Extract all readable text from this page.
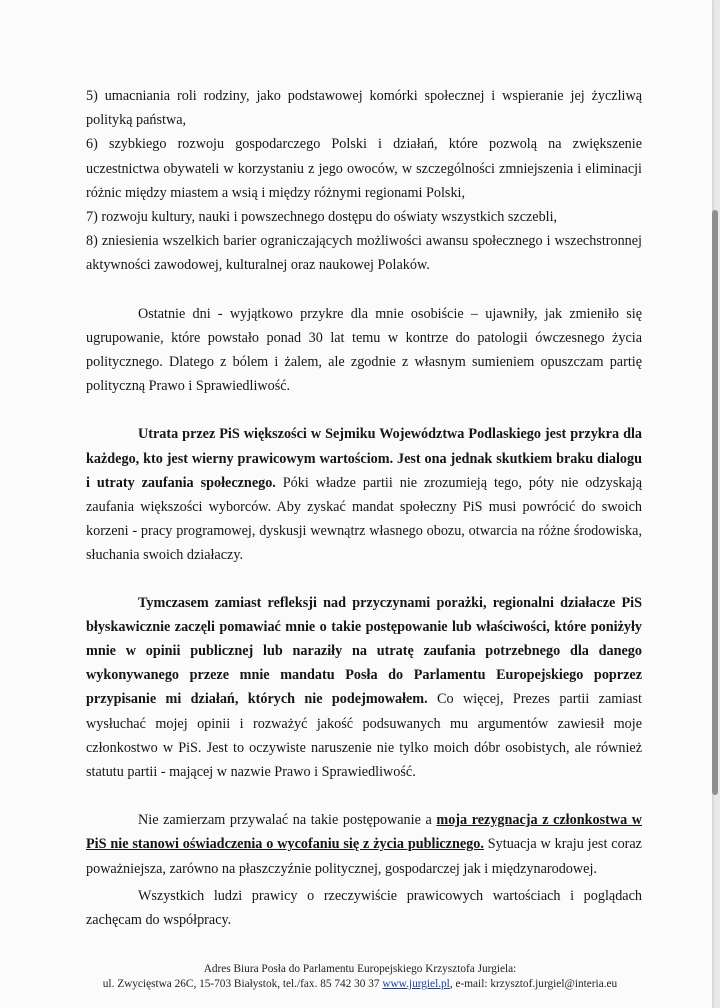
5) umacniania roli rodziny, jako podstawowej komórki społecznej i wspieranie jej życzliwą polityką państwa,
6) szybkiego rozwoju gospodarczego Polski i działań, które pozwolą na zwiększenie uczestnictwa obywateli w korzystaniu z jego owoców, w szczególności zmniejszenia i eliminacji różnic między miastem a wsią i między różnymi regionami Polski,
7) rozwoju kultury, nauki i powszechnego dostępu do oświaty wszystkich szczebli,
8) zniesienia wszelkich barier ograniczających możliwości awansu społecznego i wszechstronnej aktywności zawodowej, kulturalnej oraz naukowej Polaków.
Ostatnie dni - wyjątkowo przykre dla mnie osobiście – ujawniły, jak zmieniło się ugrupowanie, które powstało ponad 30 lat temu w kontrze do patologii ówczesnego życia politycznego. Dlatego z bólem i żalem, ale zgodnie z własnym sumieniem opuszczam partię polityczną Prawo i Sprawiedliwość.
Utrata przez PiS większości w Sejmiku Województwa Podlaskiego jest przykra dla każdego, kto jest wierny prawicowym wartościom. Jest ona jednak skutkiem braku dialogu i utraty zaufania społecznego. Póki władze partii nie zrozumieją tego, póty nie odzyskają zaufania większości wyborców. Aby zyskać mandat społeczny PiS musi powrócić do swoich korzeni - pracy programowej, dyskusji wewnątrz własnego obozu, otwarcia na różne środowiska, słuchania swoich działaczy.
Tymczasem zamiast refleksji nad przyczynami porażki, regionalni działacze PiS błyskawicznie zaczęli pomawiać mnie o takie postępowanie lub właściwości, które poniżyły mnie w opinii publicznej lub naraziły na utratę zaufania potrzebnego dla danego wykonywanego przeze mnie mandatu Posła do Parlamentu Europejskiego poprzez przypisanie mi działań, których nie podejmowałem. Co więcej, Prezes partii zamiast wysłuchać mojej opinii i rozważyć jakość podsuwanych mu argumentów zawiesił moje członkostwo w PiS. Jest to oczywiste naruszenie nie tylko moich dóbr osobistych, ale również statutu partii - mającej w nazwie Prawo i Sprawiedliwość.
Nie zamierzam przywalać na takie postępowanie a moja rezygnacja z członkostwa w PiS nie stanowi oświadczenia o wycofaniu się z życia publicznego. Sytuacja w kraju jest coraz poważniejsza, zarówno na płaszczyźnie politycznej, gospodarczej jak i międzynarodowej.
Wszystkich ludzi prawicy o rzeczywiście prawicowych wartościach i poglądach zachęcam do współpracy.
Adres Biura Posła do Parlamentu Europejskiego Krzysztofa Jurgiela:
ul. Zwycięstwa 26C, 15-703 Białystok, tel./fax. 85 742 30 37 www.jurgiel.pl, e-mail: krzysztof.jurgiel@interia.eu
